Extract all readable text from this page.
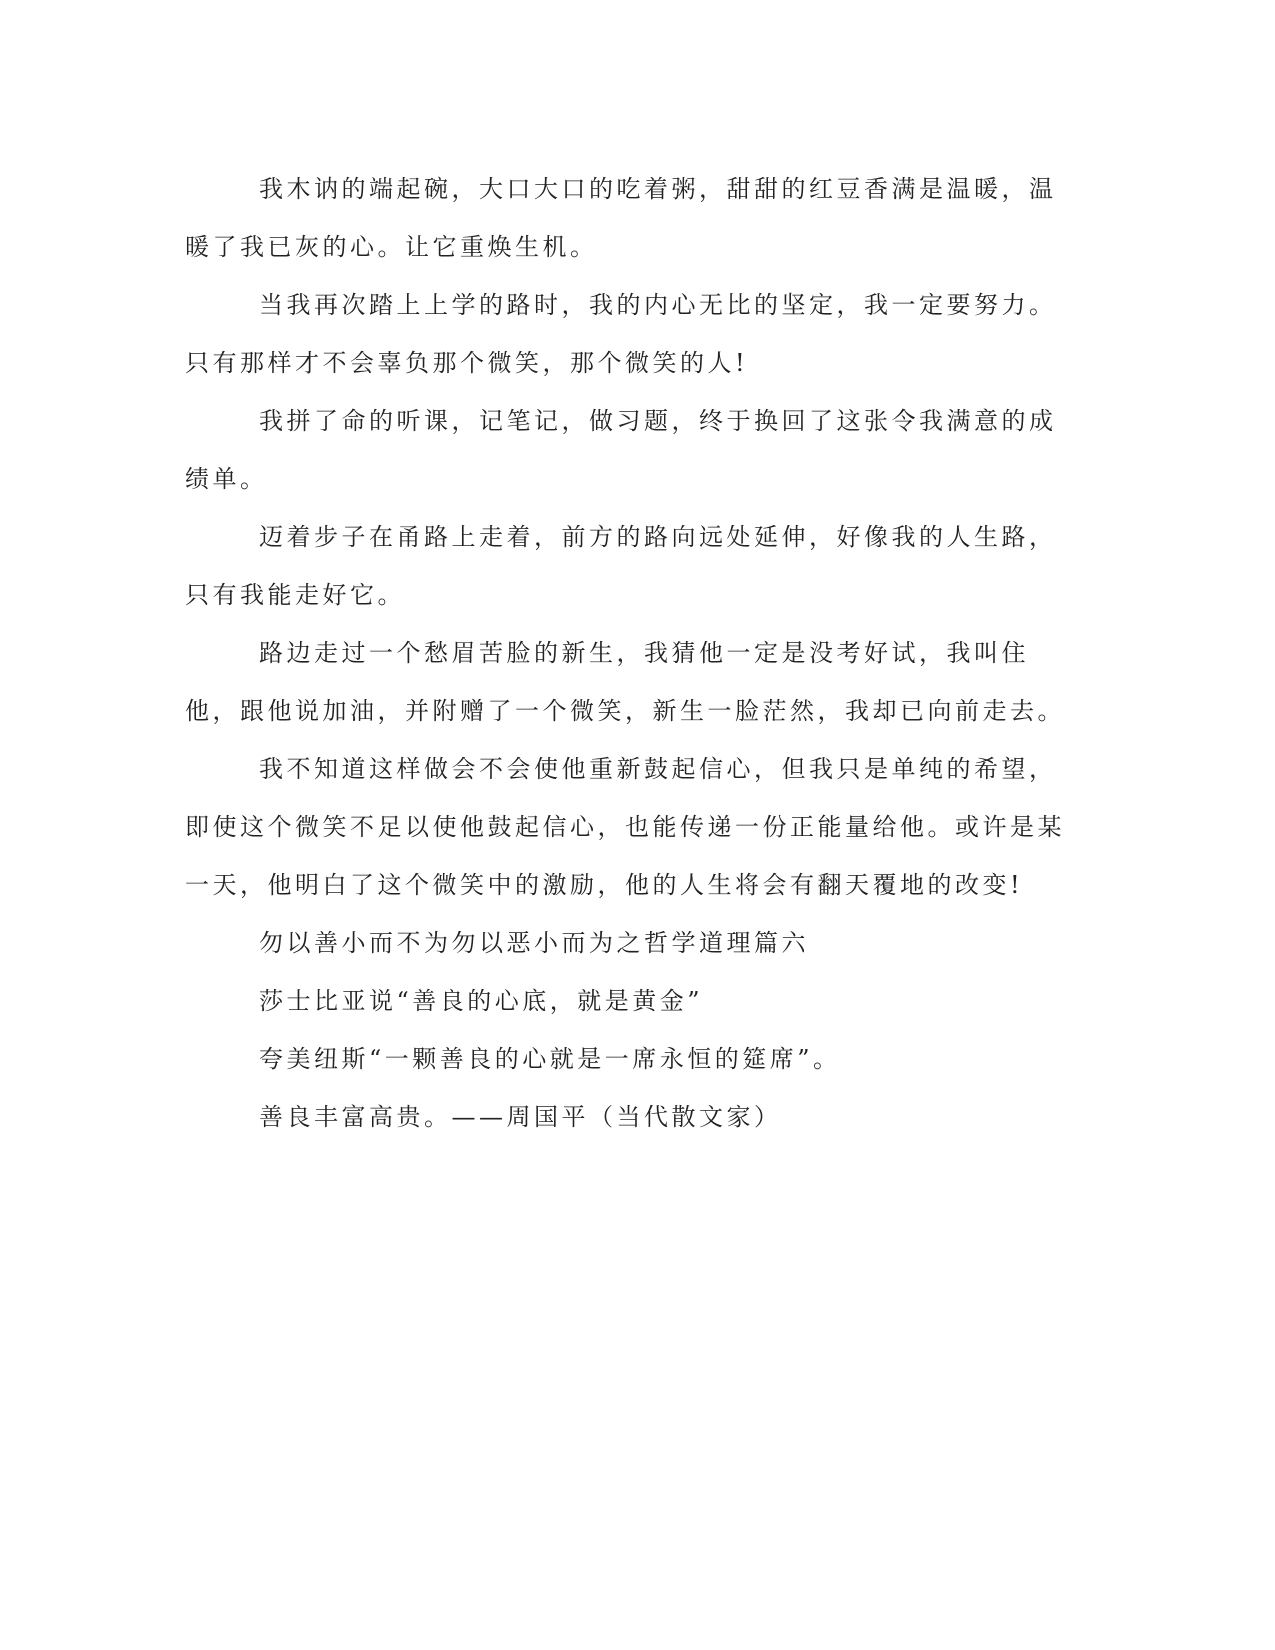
我木讷的端起碗，大口大口的吃着粥，甜甜的红豆香满是温暖，温暖了我已灰的心。让它重焕生机。

当我再次踏上上学的路时，我的内心无比的坚定，我一定要努力。只有那样才不会辜负那个微笑，那个微笑的人!

我拼了命的听课，记笔记，做习题，终于换回了这张令我满意的成绩单。

迈着步子在甬路上走着，前方的路向远处延伸，好像我的人生路，只有我能走好它。

路边走过一个愁眉苦脸的新生，我猜他一定是没考好试，我叫住他，跟他说加油，并附赠了一个微笑，新生一脸茫然，我却已向前走去。

我不知道这样做会不会使他重新鼓起信心，但我只是单纯的希望，即使这个微笑不足以使他鼓起信心，也能传递一份正能量给他。或许是某一天，他明白了这个微笑中的激励，他的人生将会有翻天覆地的改变!

勿以善小而不为勿以恶小而为之哲学道理篇六

莎士比亚说“善良的心底，就是黄金”

夸美纽斯“一颗善良的心就是一席永恒的筵席”。

善良丰富高贵。——周国平（当代散文家）
